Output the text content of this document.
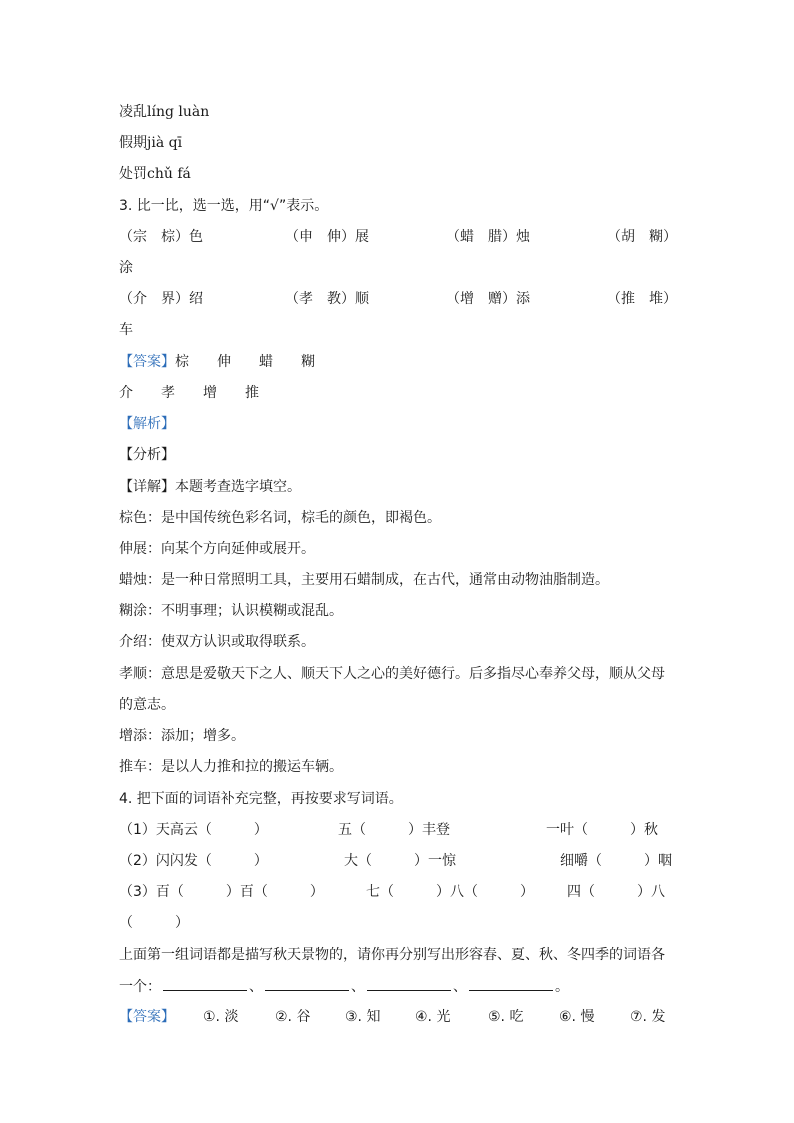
凌乱líng luàn
假期jià qī
处罚chǔ fá
3. 比一比，选一选，用“√”表示。
（宗　棕）色	（申　伸）展	（蜡　腊）烛	（胡　糊）
涂
（介　界）绍	（孝　教）顺	（增　赠）添	（推　堆）
车
【答案】 棕 伸 蜡 糊
介 孝 增 推
【解析】
【分析】
【详解】本题考查选字填空。
棕色：是中国传统色彩名词，棕毛的颜色，即褐色。
伸展：向某个方向延伸或展开。
蜡烛：是一种日常照明工具，主要用石蜡制成，在古代，通常由动物油脂制造。
糊涂：不明事理；认识模糊或混乱。
介绍：使双方认识或取得联系。
孝顺：意思是爱敬天下之人、顺天下人之心的美好德行。后多指尽心奉养父母，顺从父母
的意志。
增添：添加；增多。
推车：是以人力推和拉的搬运车辆。
4. 把下面的词语补充完整，再按要求写词语。
（1）天高云（　　　）	五（　　　）丰登	一叶（　　　）秋
（2）闪闪发（　　　）	大（　　　）一惊	细嚼（　　　）咽
（3）百（　　　）百（　　　）	七（　　　）八（　　　） 四（　　　）八
（　　　）
上面第一组词语都是描写秋天景物的，请你再分别写出形容春、夏、秋、冬四季的词语各
一个：	、	、	、	。
【答案】 ①. 淡	②. 谷 ③. 知 ④. 光	⑤. 吃	⑥. 慢	⑦. 发
